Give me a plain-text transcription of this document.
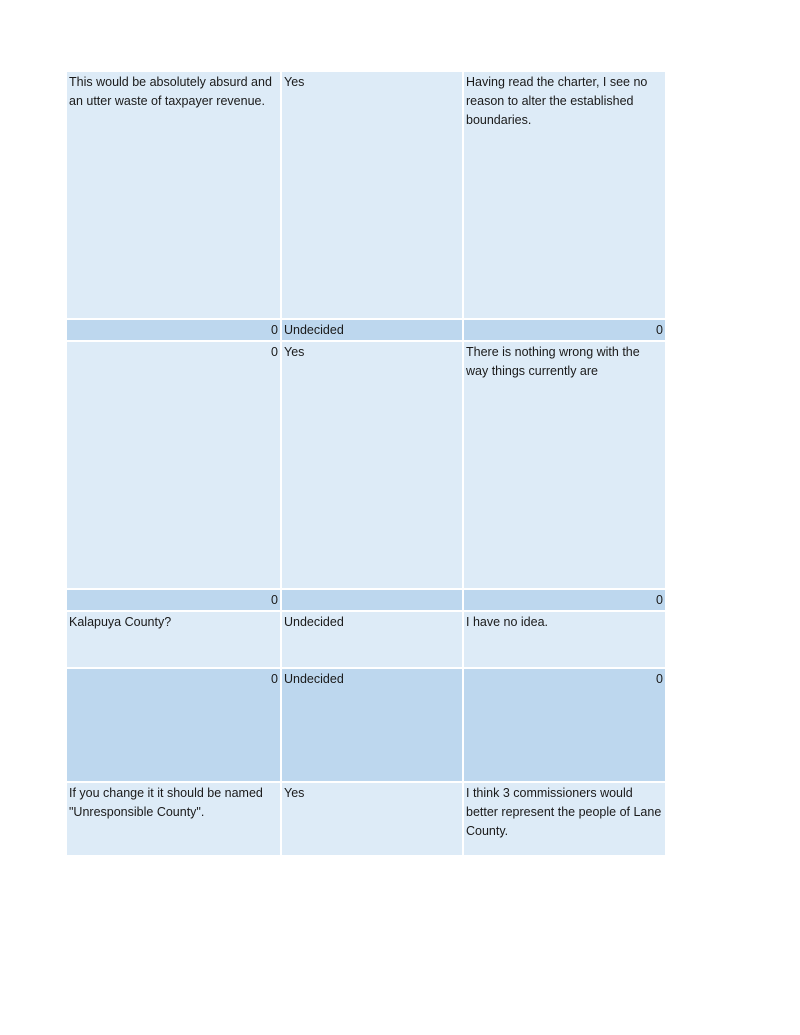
This would be absolutely absurd and an utter waste of taxpayer revenue.	Yes	Having read the charter, I see no reason to alter the established boundaries.
0	Undecided	0
0	Yes	There is nothing wrong with the way things currently are
0		0
Kalapuya County?	Undecided	I have no idea.
0	Undecided	0
If you change it it should be named "Unresponsible County".	Yes	I think 3 commissioners would better represent the people of Lane County.
